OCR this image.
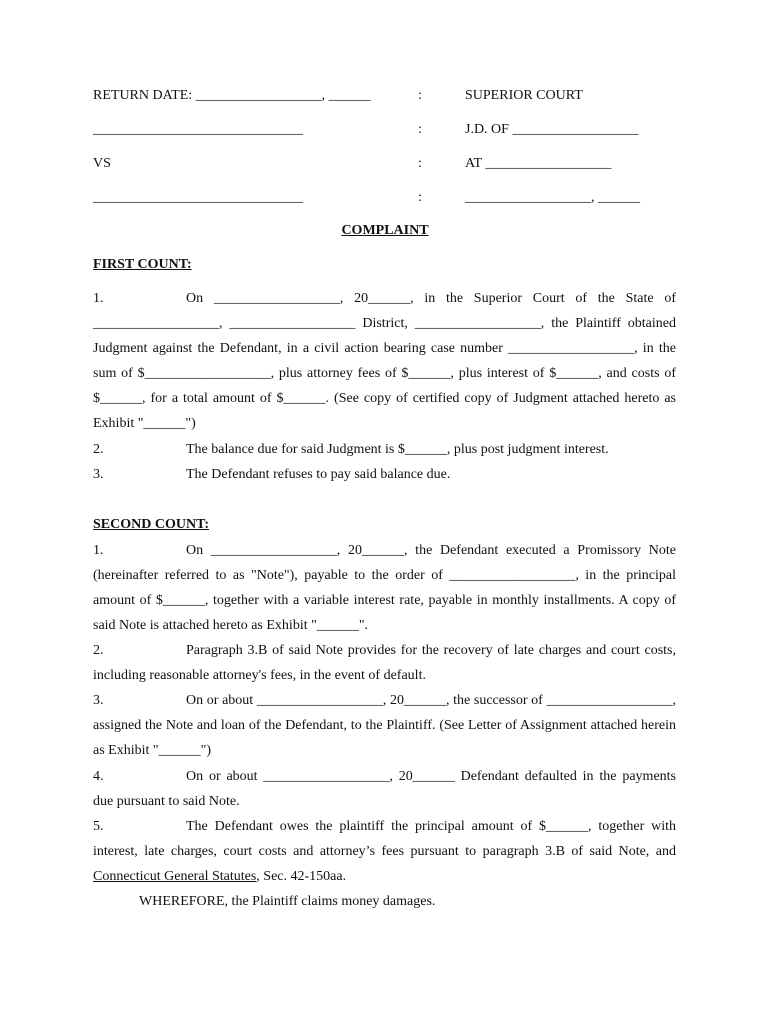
RETURN DATE: __________________, ______	:	SUPERIOR COURT
______________________________	:	J.D. OF __________________
VS	:	AT __________________
______________________________	:	__________________, ______
COMPLAINT
FIRST COUNT:
1.	On __________________, 20______, in the Superior Court of the State of __________________, __________________ District, __________________, the Plaintiff obtained Judgment against the Defendant, in a civil action bearing case number __________________, in the sum of $__________________, plus attorney fees of $______, plus interest of $______, and costs of $______, for a total amount of $______. (See copy of certified copy of Judgment attached hereto as Exhibit "______")
2.	The balance due for said Judgment is $______, plus post judgment interest.
3.	The Defendant refuses to pay said balance due.
SECOND COUNT:
1.	On __________________, 20______, the Defendant executed a Promissory Note (hereinafter referred to as "Note"), payable to the order of __________________, in the principal amount of $______, together with a variable interest rate, payable in monthly installments. A copy of said Note is attached hereto as Exhibit "______".
2.	Paragraph 3.B of said Note provides for the recovery of late charges and court costs, including reasonable attorney's fees, in the event of default.
3.	On or about __________________, 20______, the successor of __________________, assigned the Note and loan of the Defendant, to the Plaintiff. (See Letter of Assignment attached herein as Exhibit "______")
4.	On or about __________________, 20______ Defendant defaulted in the payments due pursuant to said Note.
5.	The Defendant owes the plaintiff the principal amount of $______, together with interest, late charges, court costs and attorney’s fees pursuant to paragraph 3.B of said Note, and Connecticut General Statutes, Sec. 42-150aa.
WHEREFORE, the Plaintiff claims money damages.
